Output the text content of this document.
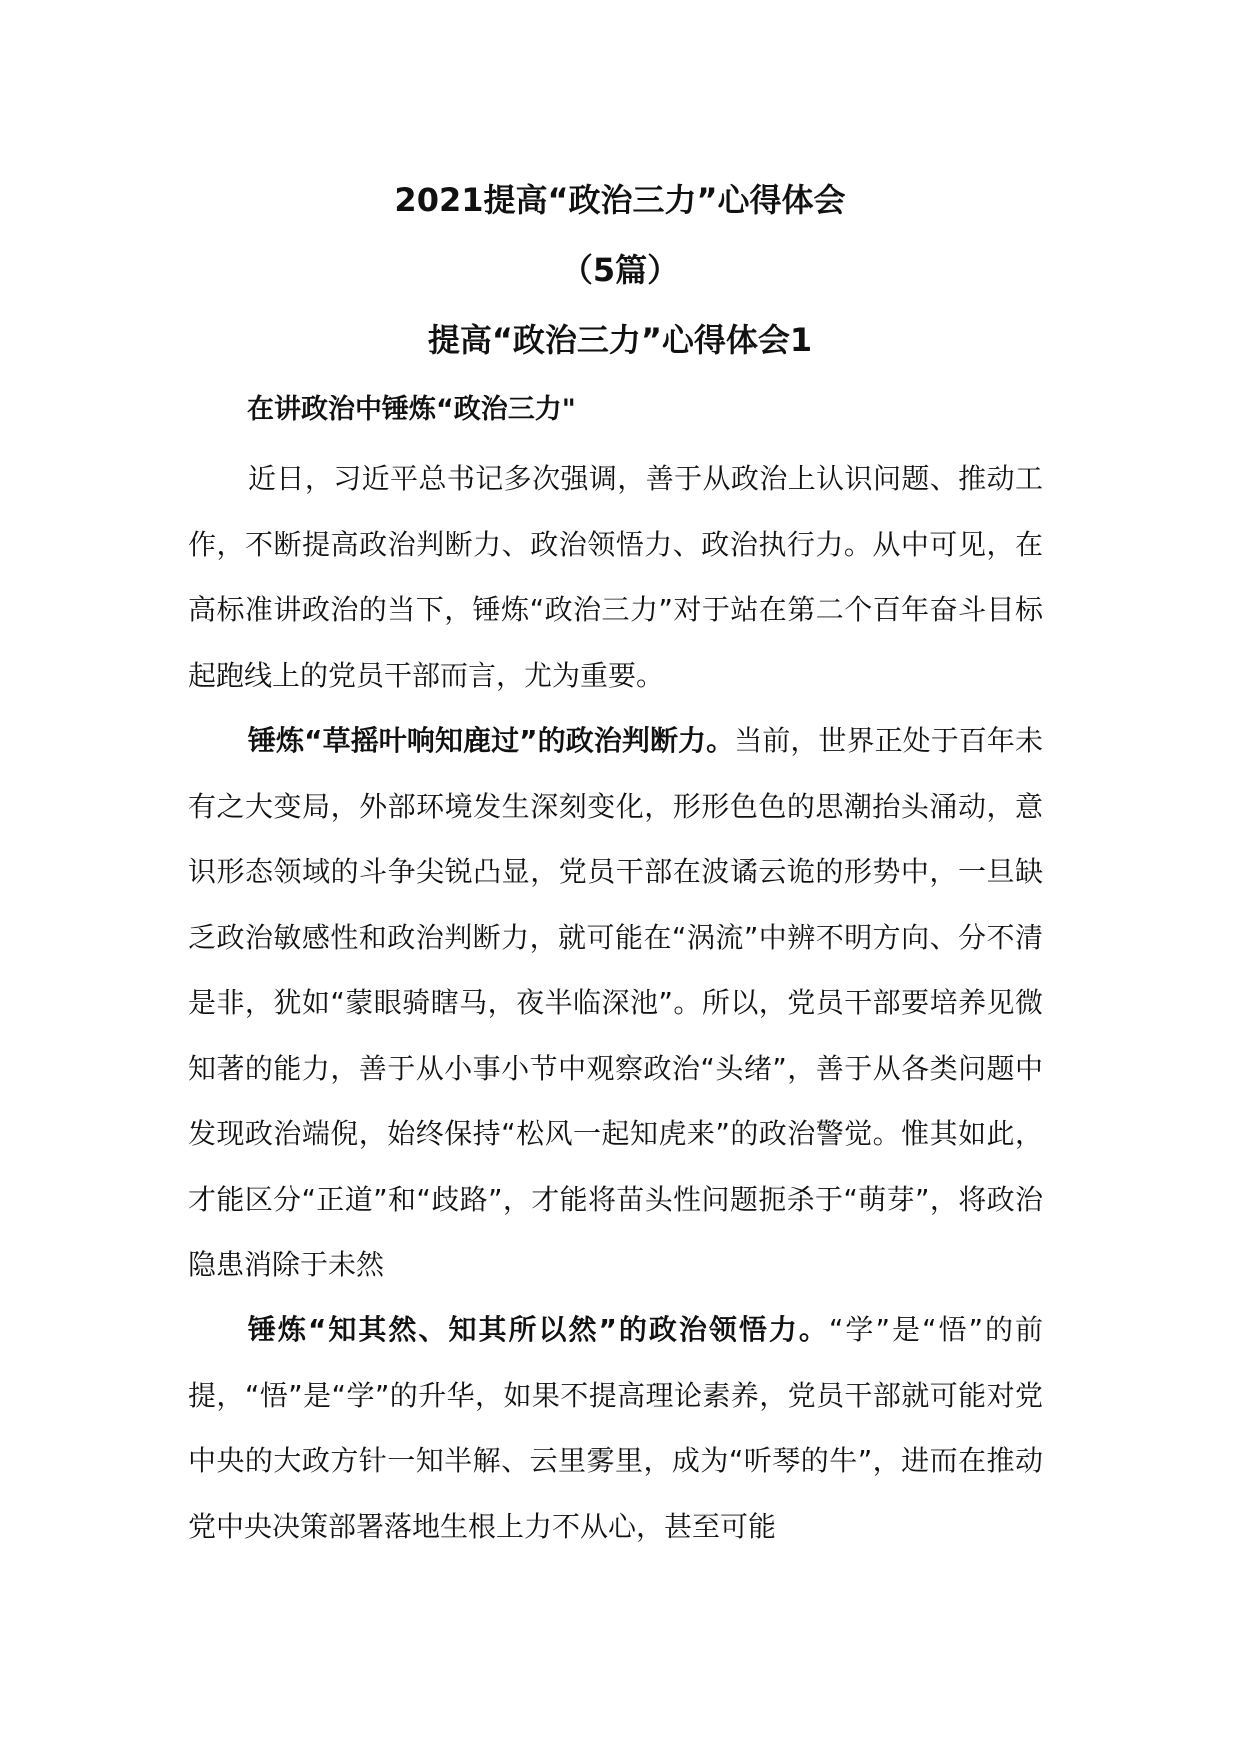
2021提高“政治三力”心得体会
（5篇）
提高“政治三力”心得体会1
在讲政治中锤炼“政治三力"

近日，习近平总书记多次强调，善于从政治上认识问题、推动工作，不断提高政治判断力、政治领悟力、政治执行力。从中可见，在高标准讲政治的当下，锤炼“政治三力”对于站在第二个百年奋斗目标起跑线上的党员干部而言，尤为重要。

锤炼“草摇叶响知鹿过”的政治判断力。当前，世界正处于百年未有之大变局，外部环境发生深刻变化，形形色色的思潮抬头涌动，意识形态领域的斗争尖锐凸显，党员干部在波谲云诡的形势中，一旦缺乏政治敏感性和政治判断力，就可能在“涡流”中辨不明方向、分不清是非，犹如“蒙眼骑瞎马，夜半临深池”。所以，党员干部要培养见微知著的能力，善于从小事小节中观察政治“头绪”，善于从各类问题中发现政治端倪，始终保持“松风一起知虎来”的政治警觉。惟其如此，才能区分“正道”和“歧路”，才能将苗头性问题扼杀于“萌芽”，将政治隐患消除于未然

锤炼“知其然、知其所以然”的政治领悟力。“学”是“悟”的前提，“悟”是“学”的升华，如果不提高理论素养，党员干部就可能对党中央的大政方针一知半解、云里雾里，成为“听琴的牛”，进而在推动党中央决策部署落地生根上力不从心，甚至可能
